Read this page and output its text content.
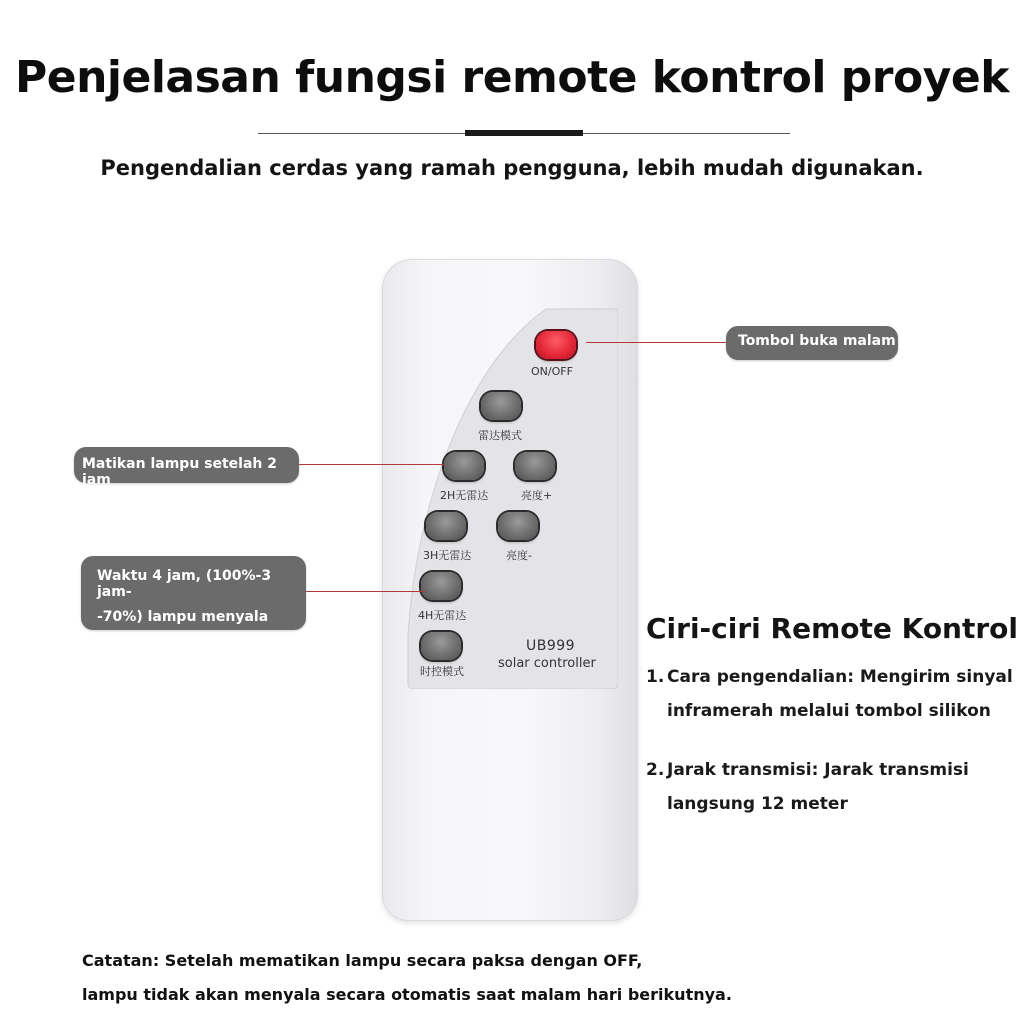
Penjelasan fungsi remote kontrol proyek
Pengendalian cerdas yang ramah pengguna, lebih mudah digunakan.
ON/OFF
雷达模式
2H无雷达	亮度+
3H无雷达	亮度-
4H无雷达
时控模式
UB999
solar controller
Tombol buka malam
Matikan lampu setelah 2 jam
Waktu 4 jam, (100%-3 jam-
-70%) lampu menyala	Ciri-ciri Remote Kontrol
1. Cara pengendalian: Mengirim sinyal
inframerah melalui tombol silikon
2. Jarak transmisi: Jarak transmisi
langsung 12 meter
Catatan: Setelah mematikan lampu secara paksa dengan OFF,
lampu tidak akan menyala secara otomatis saat malam hari berikutnya.
